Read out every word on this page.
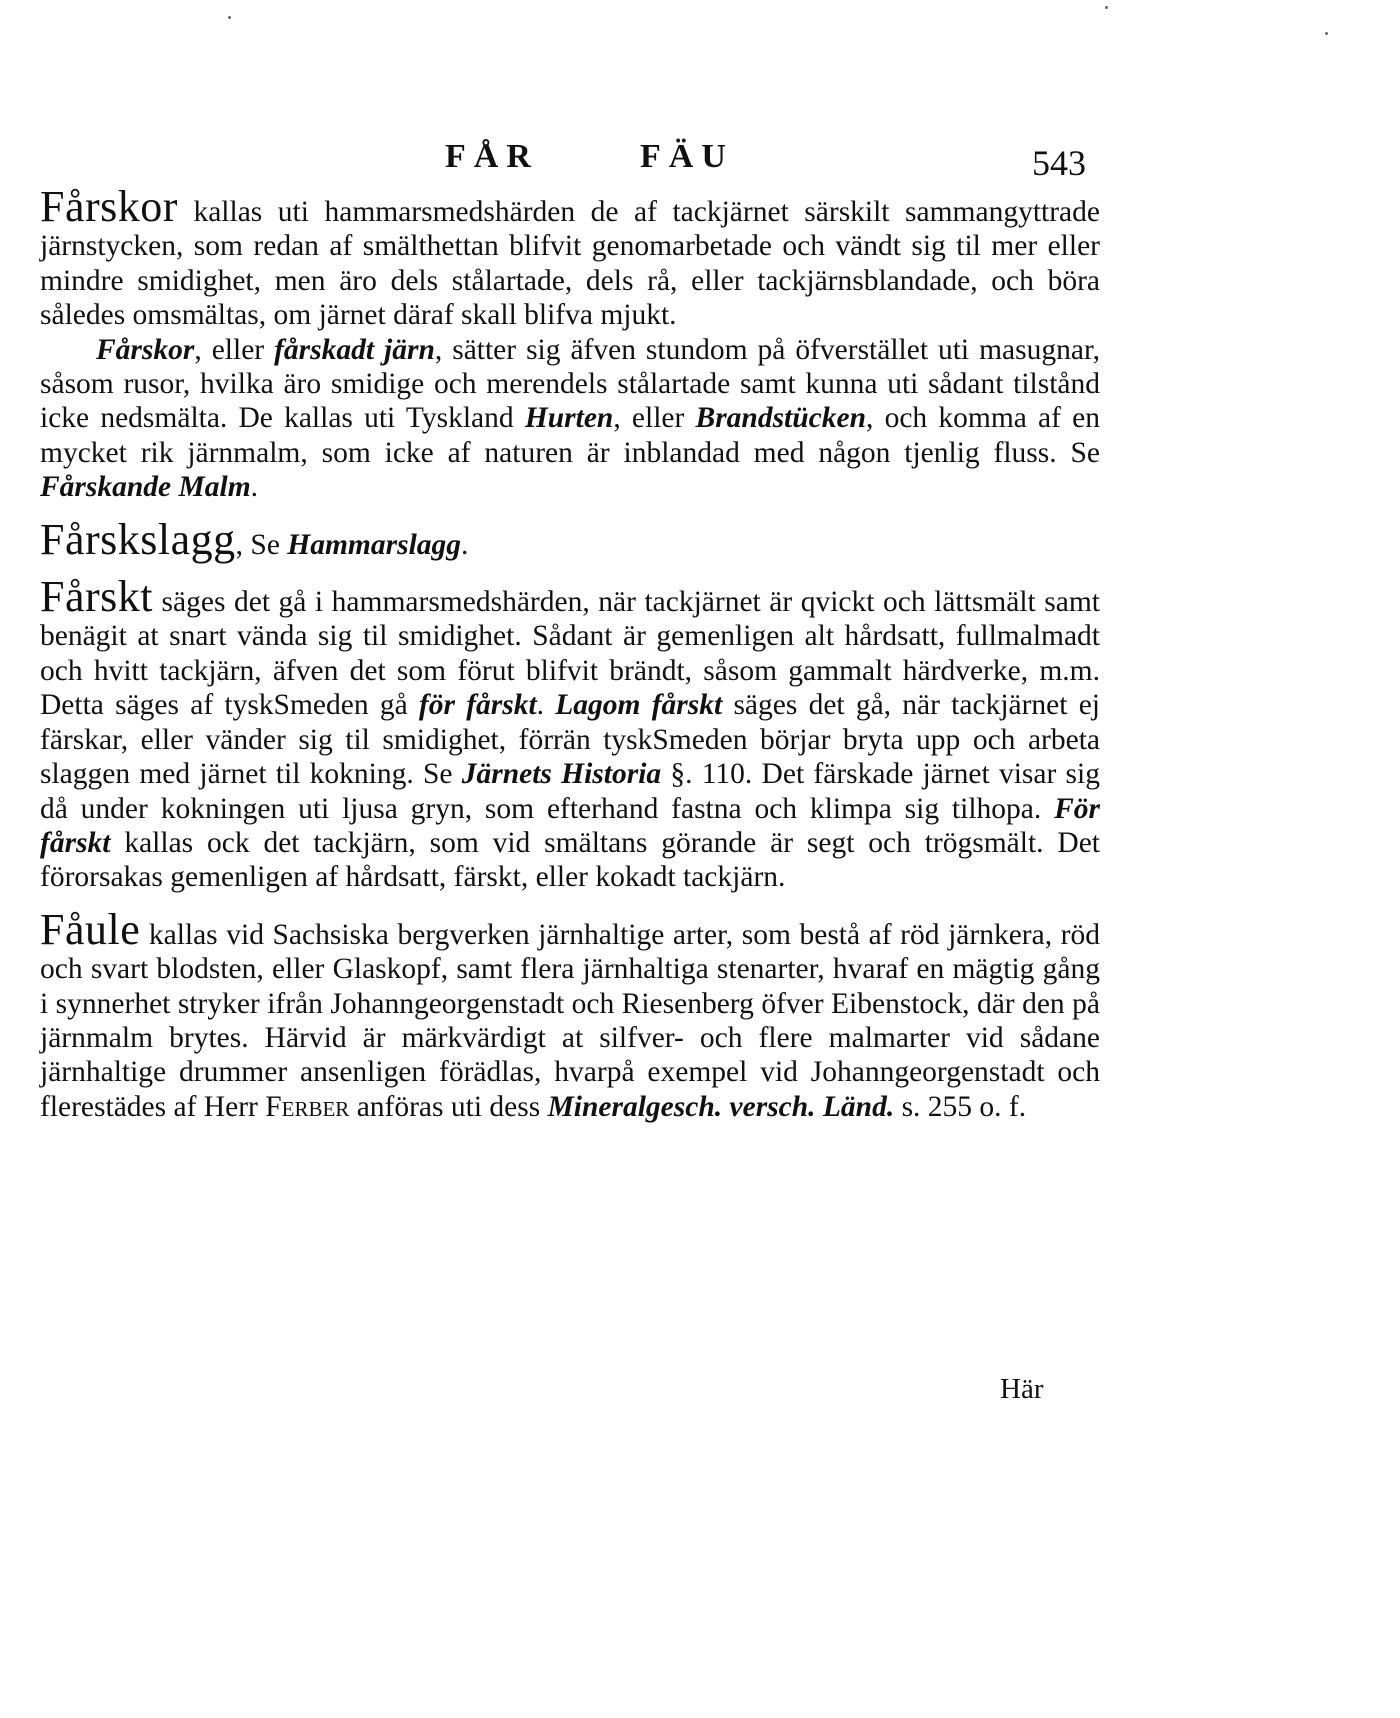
FÅR	FÄU	543

Fårskor kallas uti hammarsmedshärden de af tackjärnet särskilt sammangyttrade järnstycken, som redan af smälthettan blifvit genomarbetade och vändt sig til mer eller mindre smidighet, men äro dels stålartade, dels rå, eller tackjärnsblandade, och böra således omsmältas, om järnet däraf skall blifva mjukt.

Fårskor, eller fårskadt järn, sätter sig äfven stundom på öfverstället uti masugnar, såsom rusor, hvilka äro smidige och merendels stålartade samt kunna uti sådant tilstånd icke nedsmälta. De kallas uti Tyskland Hurten, eller Brandstücken, och komma af en mycket rik järnmalm, som icke af naturen är inblandad med någon tjenlig fluss. Se Fårskande Malm.

Fårskslagg, Se Hammarslagg.

Fårskt säges det gå i hammarsmedshärden, när tackjärnet är qvickt och lättsmält samt benägit at snart vända sig til smidighet. Sådant är gemenligen alt hårdsatt, fullmalmadt och hvitt tackjärn, äfven det som förut blifvit brändt, såsom gammalt härdverke, m.m. Detta säges af tyskSmeden gå för fårskt. Lagom fårskt säges det gå, när tackjärnet ej färskar, eller vänder sig til smidighet, förrän tyskSmeden börjar bryta upp och arbeta slaggen med järnet til kokning. Se Järnets Historia §. 110. Det färskade järnet visar sig då under kokningen uti ljusa gryn, som efterhand fastna och klimpa sig tilhopa. För fårskt kallas ock det tackjärn, som vid smältans görande är segt och trögsmält. Det förorsakas gemenligen af hårdsatt, färskt, eller kokadt tackjärn.

Fåule kallas vid Sachsiska bergverken järnhaltige arter, som bestå af röd järnkera, röd och svart blodsten, eller Glaskopf, samt flera järnhaltiga stenarter, hvaraf en mägtig gång i synnerhet stryker ifrån Johanngeorgenstadt och Riesenberg öfver Eibenstock, där den på järnmalm brytes. Härvid är märkvärdigt at silfver- och flere malmarter vid sådane järnhaltige drummer ansenligen förädlas, hvarpå exempel vid Johanngeorgenstadt och flerestädes af Herr Ferber anföras uti dess Mineralgesch. versch. Länd. s. 255 o. f.

Här
